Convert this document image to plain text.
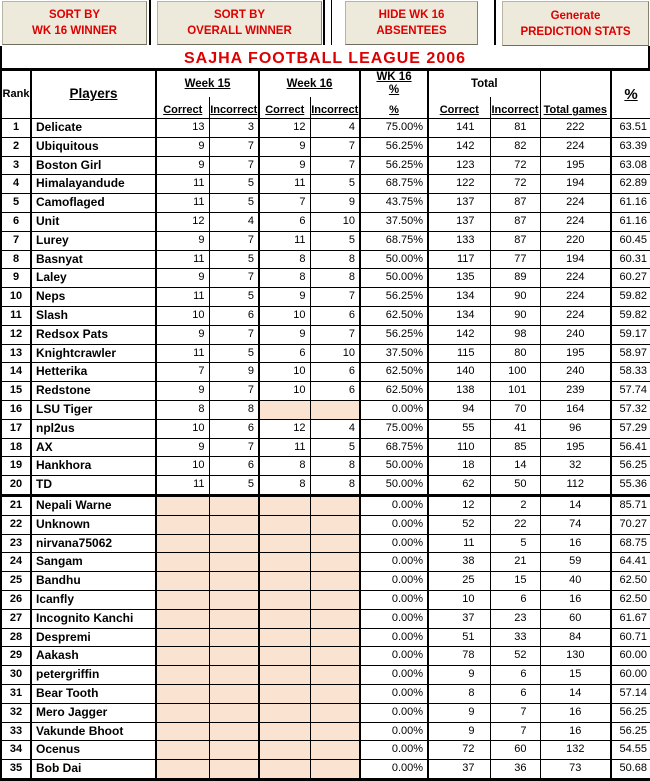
SORT BY
WK 16 WINNER
SORT BY
OVERALL WINNER
HIDE WK 16
ABSENTEES
Generate
PREDICTION STATS
SAJHA FOOTBALL LEAGUE 2006
Rank	Players	Week 15		Week 16		WK 16
%	Total			%
		Correct	Incorrect	Correct	Incorrect	%	Correct	Incorrect	Total games	
1	Delicate	13	3	12	4	75.00%	141	81	222	63.51
2	Ubiquitous	9	7	9	7	56.25%	142	82	224	63.39
3	Boston Girl	9	7	9	7	56.25%	123	72	195	63.08
4	Himalayandude	11	5	11	5	68.75%	122	72	194	62.89
5	Camoflaged	11	5	7	9	43.75%	137	87	224	61.16
6	Unit	12	4	6	10	37.50%	137	87	224	61.16
7	Lurey	9	7	11	5	68.75%	133	87	220	60.45
8	Basnyat	11	5	8	8	50.00%	117	77	194	60.31
9	Laley	9	7	8	8	50.00%	135	89	224	60.27
10	Neps	11	5	9	7	56.25%	134	90	224	59.82
11	Slash	10	6	10	6	62.50%	134	90	224	59.82
12	Redsox Pats	9	7	9	7	56.25%	142	98	240	59.17
13	Knightcrawler	11	5	6	10	37.50%	115	80	195	58.97
14	Hetterika	7	9	10	6	62.50%	140	100	240	58.33
15	Redstone	9	7	10	6	62.50%	138	101	239	57.74
16	LSU Tiger	8	8			0.00%	94	70	164	57.32
17	npl2us	10	6	12	4	75.00%	55	41	96	57.29
18	AX	9	7	11	5	68.75%	110	85	195	56.41
19	Hankhora	10	6	8	8	50.00%	18	14	32	56.25
20	TD	11	5	8	8	50.00%	62	50	112	55.36
21	Nepali Warne					0.00%	12	2	14	85.71
22	Unknown					0.00%	52	22	74	70.27
23	nirvana75062					0.00%	11	5	16	68.75
24	Sangam					0.00%	38	21	59	64.41
25	Bandhu					0.00%	25	15	40	62.50
26	Icanfly					0.00%	10	6	16	62.50
27	Incognito Kanchi					0.00%	37	23	60	61.67
28	Despremi					0.00%	51	33	84	60.71
29	Aakash					0.00%	78	52	130	60.00
30	petergriffin					0.00%	9	6	15	60.00
31	Bear Tooth					0.00%	8	6	14	57.14
32	Mero Jagger					0.00%	9	7	16	56.25
33	Vakunde Bhoot					0.00%	9	7	16	56.25
34	Ocenus					0.00%	72	60	132	54.55
35	Bob Dai					0.00%	37	36	73	50.68
